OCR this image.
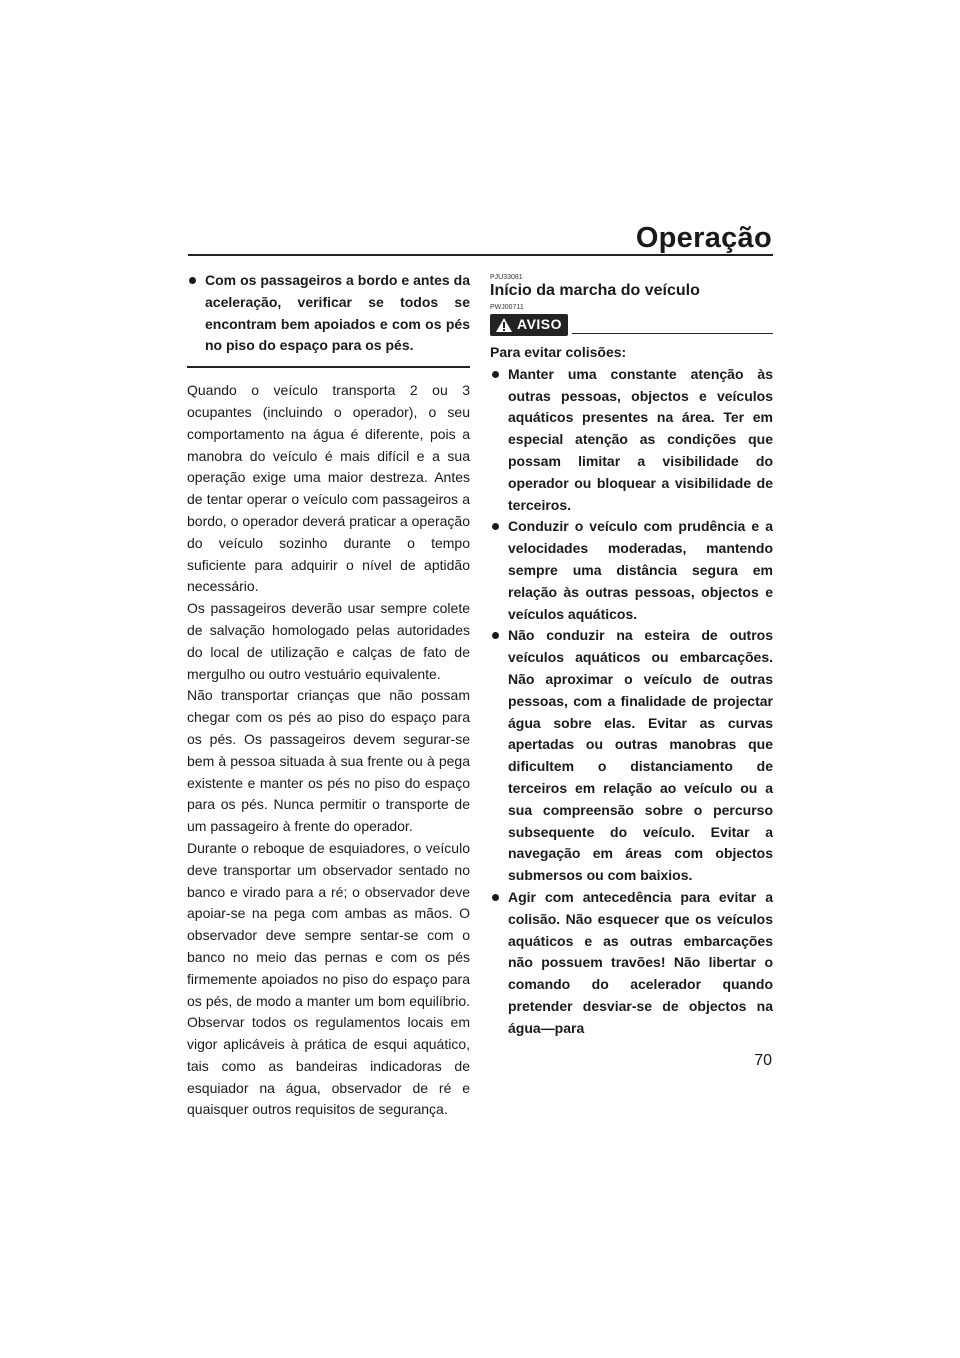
Operação
Com os passageiros a bordo e antes da aceleração, verificar se todos se encontram bem apoiados e com os pés no piso do espaço para os pés.

Quando o veículo transporta 2 ou 3 ocupantes (incluindo o operador), o seu comportamento na água é diferente, pois a manobra do veículo é mais difícil e a sua operação exige uma maior destreza. Antes de tentar operar o veículo com passageiros a bordo, o operador deverá praticar a operação do veículo sozinho durante o tempo suficiente para adquirir o nível de aptidão necessário.

Os passageiros deverão usar sempre colete de salvação homologado pelas autoridades do local de utilização e calças de fato de mergulho ou outro vestuário equivalente.

Não transportar crianças que não possam chegar com os pés ao piso do espaço para os pés. Os passageiros devem segurar-se bem à pessoa situada à sua frente ou à pega existente e manter os pés no piso do espaço para os pés. Nunca permitir o transporte de um passageiro à frente do operador.

Durante o reboque de esquiadores, o veículo deve transportar um observador sentado no banco e virado para a ré; o observador deve apoiar-se na pega com ambas as mãos. O observador deve sempre sentar-se com o banco no meio das pernas e com os pés firmemente apoiados no piso do espaço para os pés, de modo a manter um bom equilíbrio. Observar todos os regulamentos locais em vigor aplicáveis à prática de esqui aquático, tais como as bandeiras indicadoras de esquiador na água, observador de ré e quaisquer outros requisitos de segurança.

PJU33081
Início da marcha do veículo
PWJ00711
AVISO

Para evitar colisões:

Manter uma constante atenção às outras pessoas, objectos e veículos aquáticos presentes na área. Ter em especial atenção as condições que possam limitar a visibilidade do operador ou bloquear a visibilidade de terceiros.

Conduzir o veículo com prudência e a velocidades moderadas, mantendo sempre uma distância segura em relação às outras pessoas, objectos e veículos aquáticos.

Não conduzir na esteira de outros veículos aquáticos ou embarcações. Não aproximar o veículo de outras pessoas, com a finalidade de projectar água sobre elas. Evitar as curvas apertadas ou outras manobras que dificultem o distanciamento de terceiros em relação ao veículo ou a sua compreensão sobre o percurso subsequente do veículo. Evitar a navegação em áreas com objectos submersos ou com baixios.

Agir com antecedência para evitar a colisão. Não esquecer que os veículos aquáticos e as outras embarcações não possuem travões! Não libertar o comando do acelerador quando pretender desviar-se de objectos na água—para

70
